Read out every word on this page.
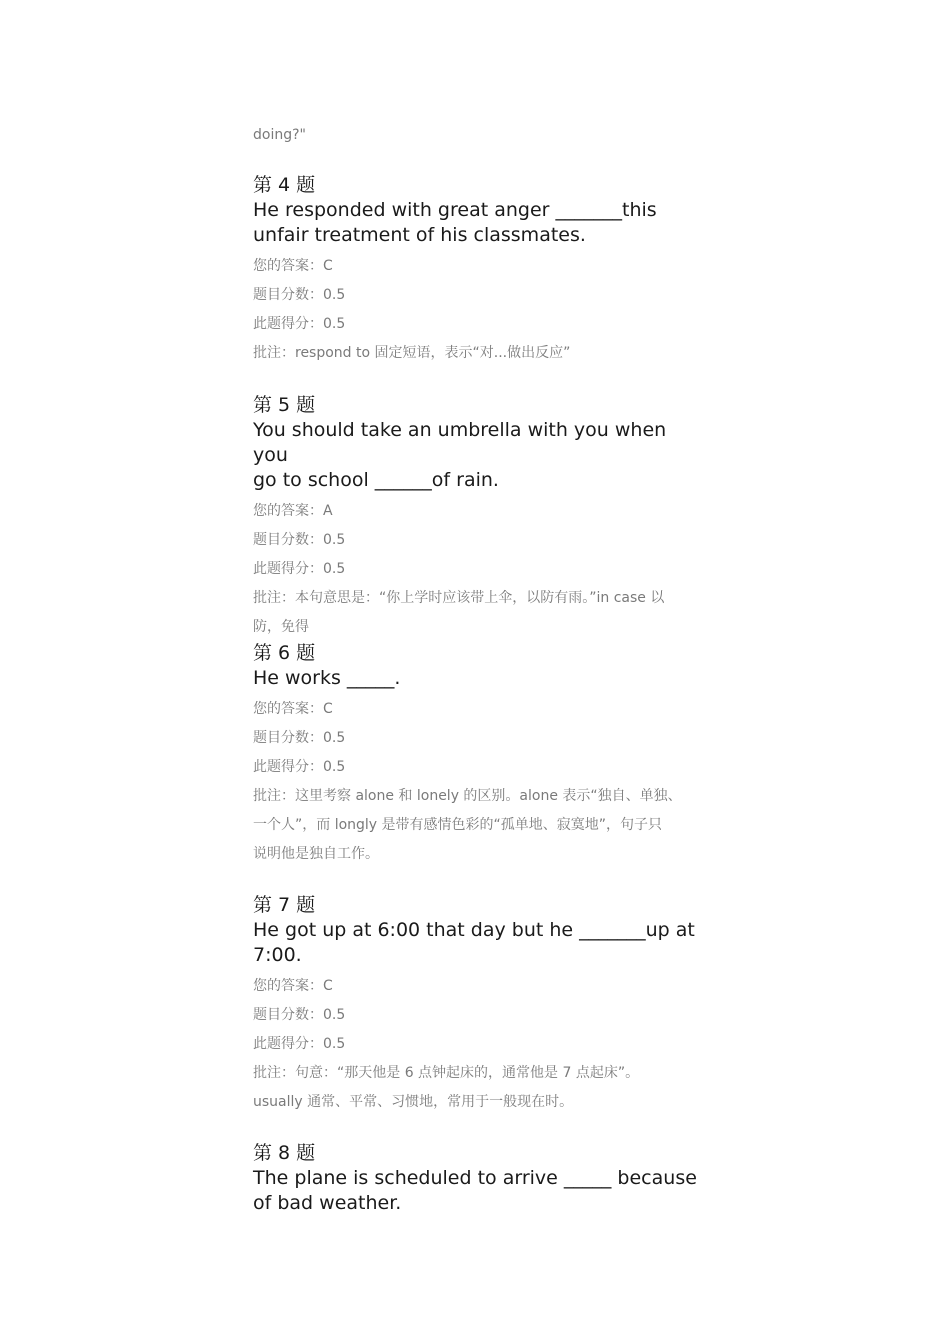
doing?"
第 4 题
He responded with great anger _______this
unfair treatment of his classmates.
您的答案：C
题目分数：0.5
此题得分：0.5
批注：respond to 固定短语，表示“对...做出反应”
第 5 题
You should take an umbrella with you when you
go to school ______of rain.
您的答案：A
题目分数：0.5
此题得分：0.5
批注：本句意思是：“你上学时应该带上伞，以防有雨。”in case 以
防，免得
第 6 题
He works _____.
您的答案：C
题目分数：0.5
此题得分：0.5
批注：这里考察 alone 和 lonely 的区别。alone 表示“独自、单独、
一个人”，而 longly 是带有感情色彩的“孤单地、寂寞地”，句子只
说明他是独自工作。
第 7 题
He got up at 6:00 that day but he _______up at
7:00.
您的答案：C
题目分数：0.5
此题得分：0.5
批注：句意：“那天他是 6 点钟起床的，通常他是 7 点起床”。
usually 通常、平常、习惯地，常用于一般现在时。
第 8 题
The plane is scheduled to arrive _____ because
of bad weather.
